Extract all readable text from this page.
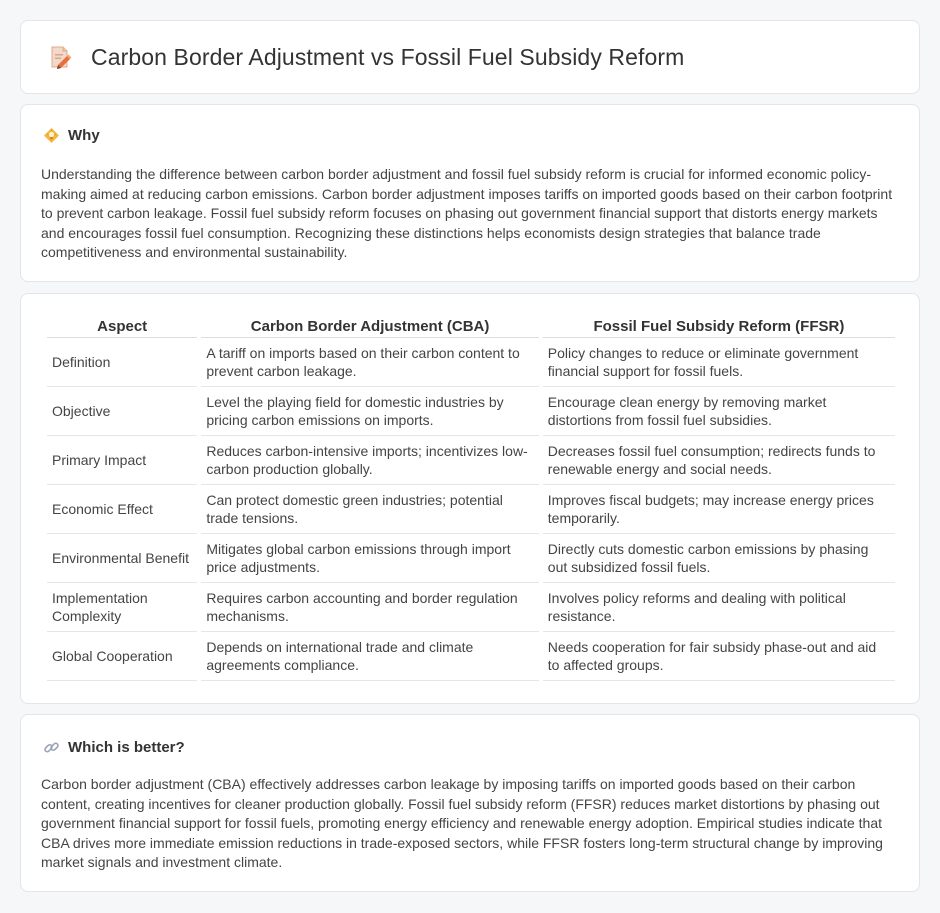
Carbon Border Adjustment vs Fossil Fuel Subsidy Reform
Why

Understanding the difference between carbon border adjustment and fossil fuel subsidy reform is crucial for informed economic policy-making aimed at reducing carbon emissions. Carbon border adjustment imposes tariffs on imported goods based on their carbon footprint to prevent carbon leakage. Fossil fuel subsidy reform focuses on phasing out government financial support that distorts energy markets and encourages fossil fuel consumption. Recognizing these distinctions helps economists design strategies that balance trade competitiveness and environmental sustainability.

Aspect	Carbon Border Adjustment (CBA)	Fossil Fuel Subsidy Reform (FFSR)
Definition	A tariff on imports based on their carbon content to prevent carbon leakage.	Policy changes to reduce or eliminate government financial support for fossil fuels.
Objective	Level the playing field for domestic industries by pricing carbon emissions on imports.	Encourage clean energy by removing market distortions from fossil fuel subsidies.
Primary Impact	Reduces carbon-intensive imports; incentivizes low-carbon production globally.	Decreases fossil fuel consumption; redirects funds to renewable energy and social needs.
Economic Effect	Can protect domestic green industries; potential trade tensions.	Improves fiscal budgets; may increase energy prices temporarily.
Environmental Benefit	Mitigates global carbon emissions through import price adjustments.	Directly cuts domestic carbon emissions by phasing out subsidized fossil fuels.
Implementation Complexity	Requires carbon accounting and border regulation mechanisms.	Involves policy reforms and dealing with political resistance.
Global Cooperation	Depends on international trade and climate agreements compliance.	Needs cooperation for fair subsidy phase-out and aid to affected groups.
Which is better?

Carbon border adjustment (CBA) effectively addresses carbon leakage by imposing tariffs on imported goods based on their carbon content, creating incentives for cleaner production globally. Fossil fuel subsidy reform (FFSR) reduces market distortions by phasing out government financial support for fossil fuels, promoting energy efficiency and renewable energy adoption. Empirical studies indicate that CBA drives more immediate emission reductions in trade-exposed sectors, while FFSR fosters long-term structural change by improving market signals and investment climate.
